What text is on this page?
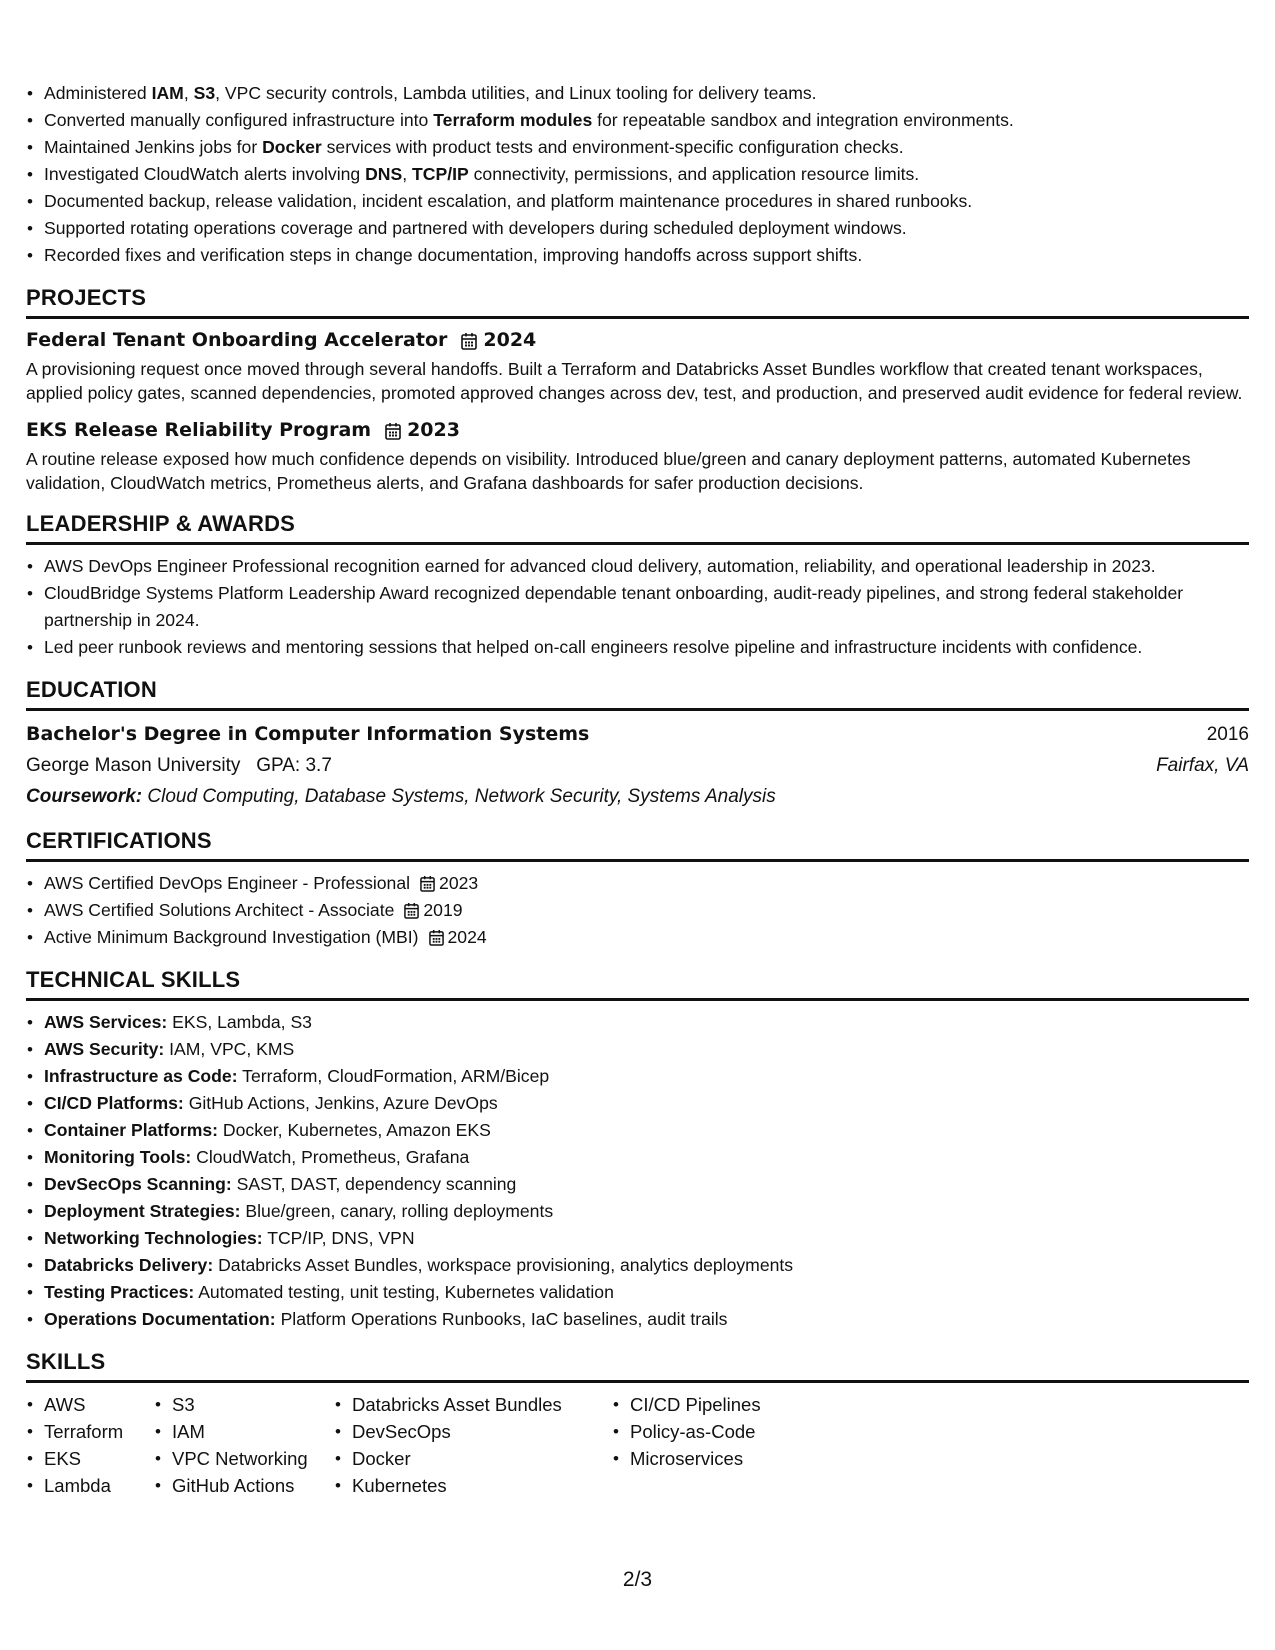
• Administered IAM, S3, VPC security controls, Lambda utilities, and Linux tooling for delivery teams.
• Converted manually configured infrastructure into Terraform modules for repeatable sandbox and integration environments.
• Maintained Jenkins jobs for Docker services with product tests and environment-specific configuration checks.
• Investigated CloudWatch alerts involving DNS, TCP/IP connectivity, permissions, and application resource limits.
• Documented backup, release validation, incident escalation, and platform maintenance procedures in shared runbooks.
• Supported rotating operations coverage and partnered with developers during scheduled deployment windows.
• Recorded fixes and verification steps in change documentation, improving handoffs across support shifts.
PROJECTS
Federal Tenant Onboarding Accelerator 2024
A provisioning request once moved through several handoffs. Built a Terraform and Databricks Asset Bundles workflow that created tenant workspaces, applied policy gates, scanned dependencies, promoted approved changes across dev, test, and production, and preserved audit evidence for federal review.
EKS Release Reliability Program 2023
A routine release exposed how much confidence depends on visibility. Introduced blue/green and canary deployment patterns, automated Kubernetes validation, CloudWatch metrics, Prometheus alerts, and Grafana dashboards for safer production decisions.
LEADERSHIP & AWARDS
• AWS DevOps Engineer Professional recognition earned for advanced cloud delivery, automation, reliability, and operational leadership in 2023.
• CloudBridge Systems Platform Leadership Award recognized dependable tenant onboarding, audit-ready pipelines, and strong federal stakeholder partnership in 2024.
• Led peer runbook reviews and mentoring sessions that helped on-call engineers resolve pipeline and infrastructure incidents with confidence.
EDUCATION
Bachelor's Degree in Computer Information Systems	2016
George Mason University GPA: 3.7	Fairfax, VA
Coursework: Cloud Computing, Database Systems, Network Security, Systems Analysis
CERTIFICATIONS
• AWS Certified DevOps Engineer - Professional 2023
• AWS Certified Solutions Architect - Associate 2019
• Active Minimum Background Investigation (MBI) 2024
TECHNICAL SKILLS
• AWS Services: EKS, Lambda, S3
• AWS Security: IAM, VPC, KMS
• Infrastructure as Code: Terraform, CloudFormation, ARM/Bicep
• CI/CD Platforms: GitHub Actions, Jenkins, Azure DevOps
• Container Platforms: Docker, Kubernetes, Amazon EKS
• Monitoring Tools: CloudWatch, Prometheus, Grafana
• DevSecOps Scanning: SAST, DAST, dependency scanning
• Deployment Strategies: Blue/green, canary, rolling deployments
• Networking Technologies: TCP/IP, DNS, VPN
• Databricks Delivery: Databricks Asset Bundles, workspace provisioning, analytics deployments
• Testing Practices: Automated testing, unit testing, Kubernetes validation
• Operations Documentation: Platform Operations Runbooks, IaC baselines, audit trails
SKILLS
• AWS
• Terraform
• EKS
• Lambda
• S3
• IAM
• VPC Networking
• GitHub Actions
• Databricks Asset Bundles
• DevSecOps
• Docker
• Kubernetes
• CI/CD Pipelines
• Policy-as-Code
• Microservices
2/3
